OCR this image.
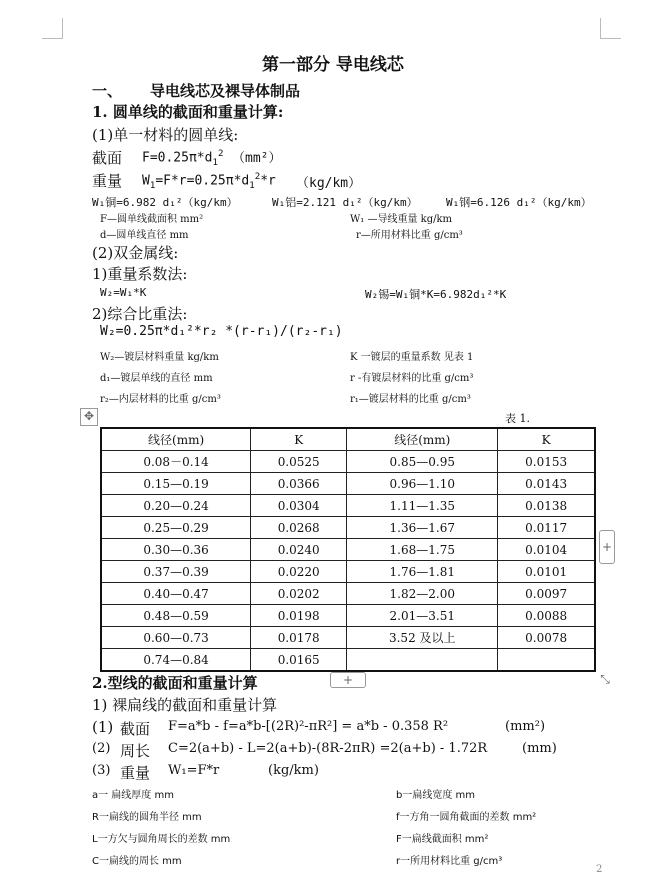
第一部分 导电线芯
一、 导电线芯及裸导体制品
1. 圆单线的截面和重量计算:
(1)单一材料的圆单线:
截面 $F=0.25\pi*d_1^2$ （mm²）
重量 $W_1=F*r=0.25\pi*d_1^2*r$ （kg/km）
W₁铜=6.982 d₁²（kg/km）	W₁铝=2.121 d₁²（kg/km）	W₁钢=6.126 d₁²（kg/km）
F—圆单线截面积 mm²	W₁ —导线重量 kg/km
d—圆单线直径 mm	r—所用材料比重 g/cm³
(2)双金属线:
1)重量系数法:
W₂=W₁*K	W₂锡=W₁铜*K=6.982d₁²*K
2)综合比重法:
W₂=0.25π*d₁²*r₂ *(r-r₁)/(r₂-r₁)
W₂—镀层材料重量 kg/km	K 一镀层的重量系数 见表 1
d₁—镀层单线的直径 mm	r -有镀层材料的比重 g/cm³
r₂—内层材料的比重 g/cm³	r₁—镀层材料的比重 g/cm³
✥	表 1.
线径(mm)	K	线径(mm)	K
0.08－0.14	0.0525	0.85—0.95	0.0153
0.15—0.19	0.0366	0.96—1.10	0.0143
0.20—0.24	0.0304	1.11—1.35	0.0138
0.25—0.29	0.0268	1.36—1.67	0.0117
0.30—0.36	0.0240	1.68—1.75	0.0104
0.37—0.39	0.0220	1.76—1.81	0.0101
0.40—0.47	0.0202	1.82—2.00	0.0097
0.48—0.59	0.0198	2.01—3.51	0.0088
0.60—0.73	0.0178	3.52 及以上	0.0078
0.74—0.84	0.0165		
+
+	⤡
2.型线的截面和重量计算
1) 裸扁线的截面和重量计算
(1) 截面 F=a*b - f=a*b-[(2R)²-πR²] = a*b - 0.358 R²	(mm²)
(2) 周长 C=2(a+b) - L=2(a+b)-(8R-2πR) =2(a+b) - 1.72R	(mm)
(3) 重量 W₁=F*r	(kg/km)
a一 扁线厚度 mm	b一扁线宽度 mm
R一扁线的圆角半径 mm	f一方角一圆角截面的差数 mm²
L一方欠与圆角周长的差数 mm	F一扁线截面积 mm²
C一扁线的周长 mm	r一所用材料比重 g/cm³
2
